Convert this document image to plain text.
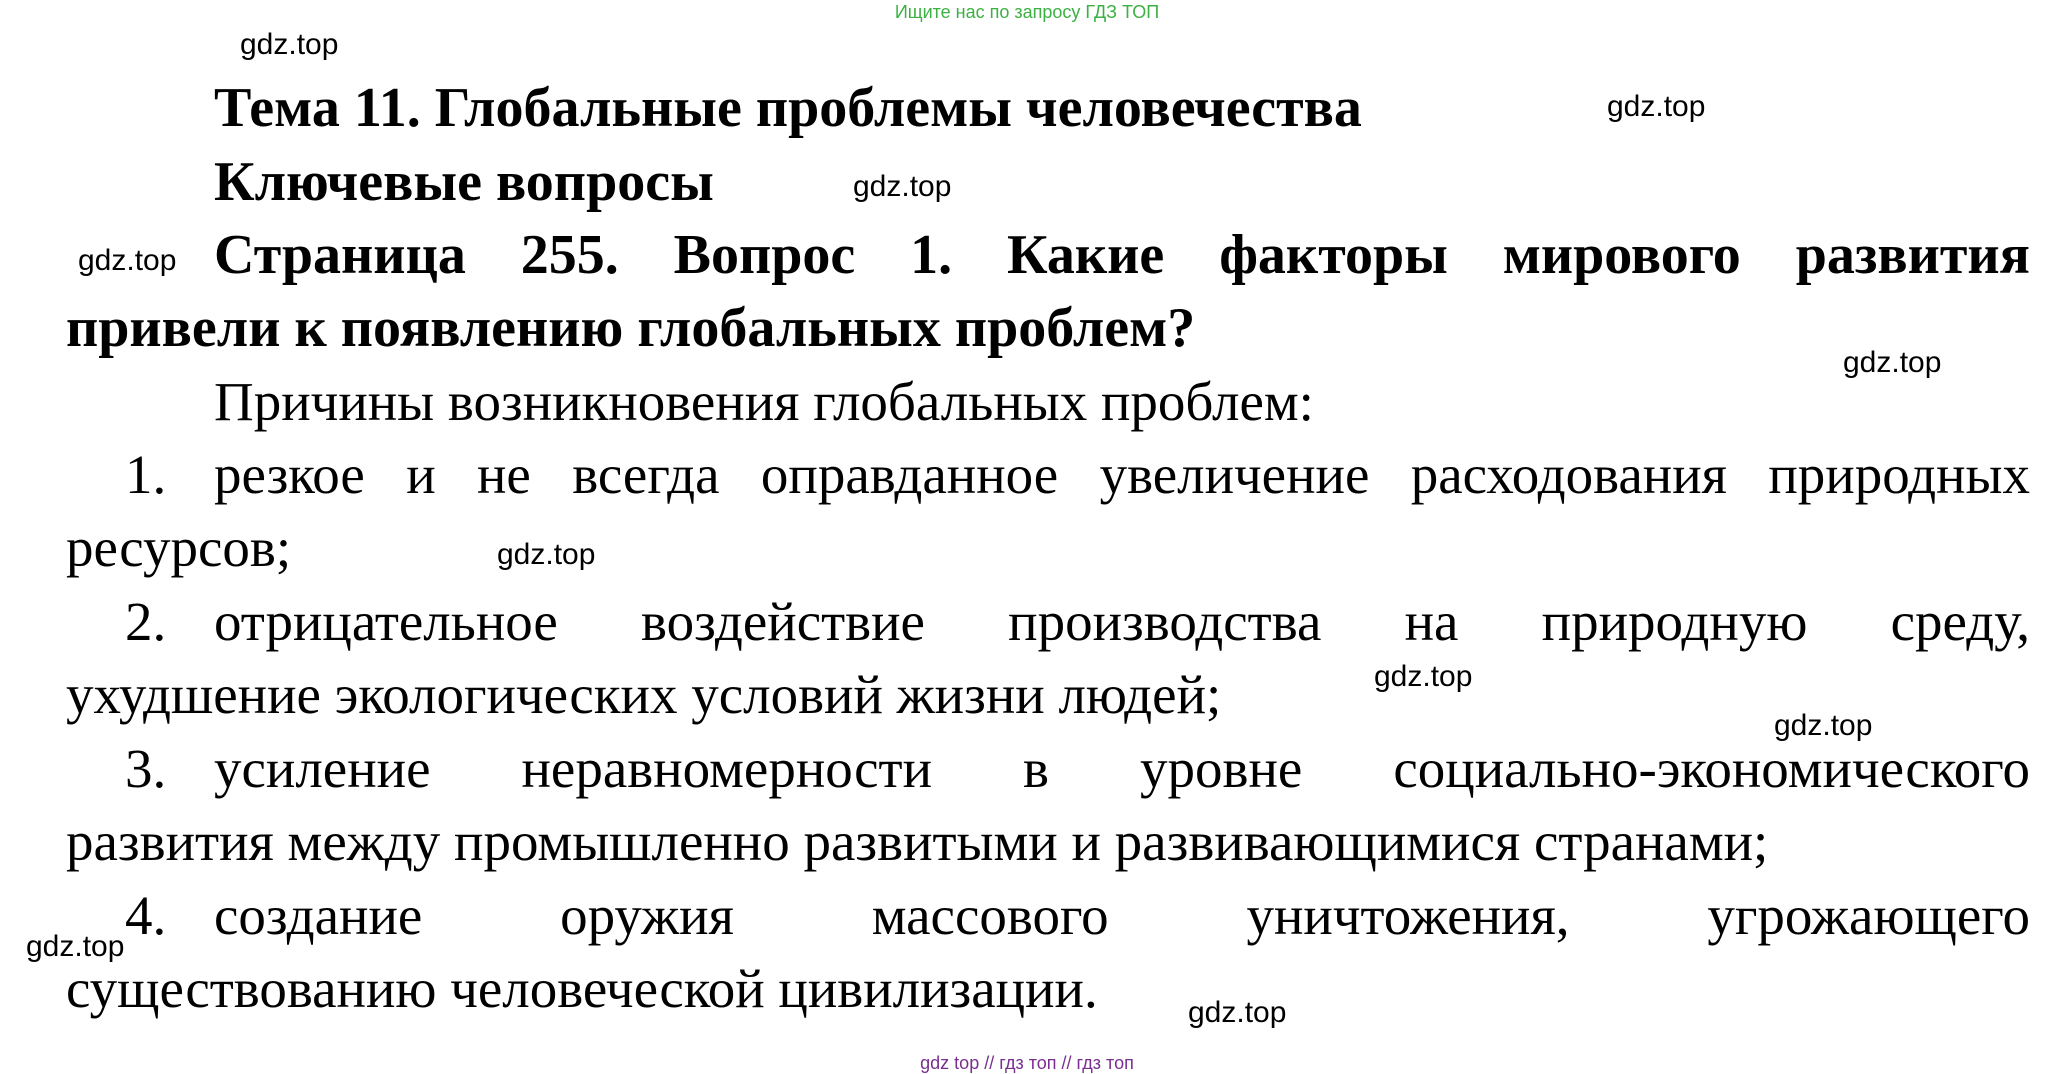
Ищите нас по запросу ГДЗ ТОП
gdz.top
gdz.top
gdz.top
gdz.top
gdz.top
gdz.top
gdz.top
gdz.top
gdz.top
gdz.top
Тема 11. Глобальные проблемы человечества
Ключевые вопросы
Страница 255. Вопрос 1. Какие факторы мирового развития
привели к появлению глобальных проблем?
Причины возникновения глобальных проблем:
1. резкое и не всегда оправданное увеличение расходования природных
ресурсов;
2. отрицательное воздействие производства на природную среду,
ухудшение экологических условий жизни людей;
3. усиление неравномерности в уровне социально-экономического
развития между промышленно развитыми и развивающимися странами;
4. создание	оружия	массового	уничтожения,	угрожающего
существованию человеческой цивилизации.
gdz top // гдз топ // гдз топ
